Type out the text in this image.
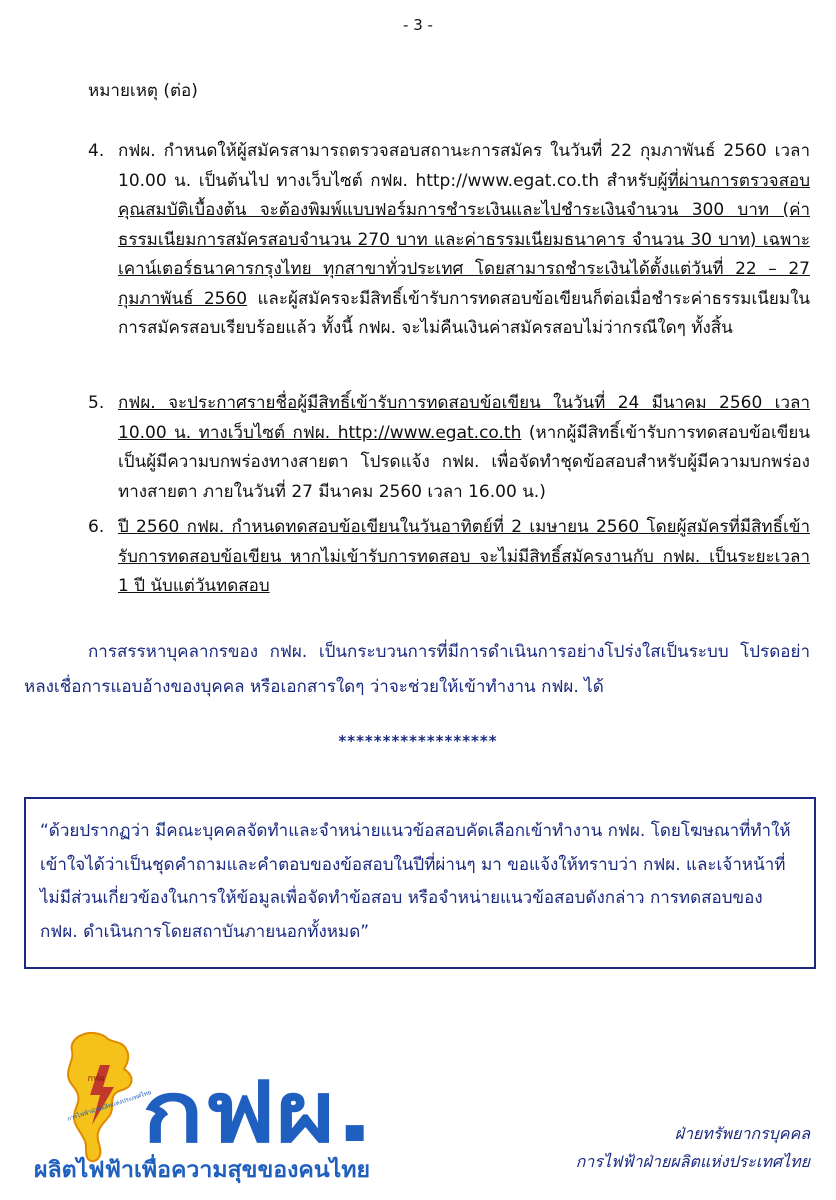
- 3 -
หมายเหตุ (ต่อ)
4. กฟผ. กำหนดให้ผู้สมัครสามารถตรวจสอบสถานะการสมัคร ในวันที่ 22 กุมภาพันธ์ 2560 เวลา 10.00 น. เป็นต้นไป ทางเว็บไซต์ กฟผ. http://www.egat.co.th สำหรับผู้ที่ผ่านการตรวจสอบคุณสมบัติเบื้องต้น จะต้องพิมพ์แบบฟอร์มการชำระเงินและไปชำระเงินจำนวน 300 บาท (ค่าธรรมเนียมการสมัครสอบจำนวน 270 บาท และค่าธรรมเนียมธนาคาร จำนวน 30 บาท) เฉพาะเคาน์เตอร์ธนาคารกรุงไทย ทุกสาขาทั่วประเทศ โดยสามารถชำระเงินได้ตั้งแต่วันที่ 22 – 27 กุมภาพันธ์ 2560 และผู้สมัครจะมีสิทธิ์เข้ารับการทดสอบข้อเขียนก็ต่อเมื่อชำระค่าธรรมเนียมในการสมัครสอบเรียบร้อยแล้ว ทั้งนี้ กฟผ. จะไม่คืนเงินค่าสมัครสอบไม่ว่ากรณีใดๆ ทั้งสิ้น
5. กฟผ. จะประกาศรายชื่อผู้มีสิทธิ์เข้ารับการทดสอบข้อเขียน ในวันที่ 24 มีนาคม 2560 เวลา 10.00 น. ทางเว็บไซต์ กฟผ. http://www.egat.co.th (หากผู้มีสิทธิ์เข้ารับการทดสอบข้อเขียนเป็นผู้มีความบกพร่องทางสายตา โปรดแจ้ง กฟผ. เพื่อจัดทำชุดข้อสอบสำหรับผู้มีความบกพร่องทางสายตา ภายในวันที่ 27 มีนาคม 2560 เวลา 16.00 น.)
6. ปี 2560 กฟผ. กำหนดทดสอบข้อเขียนในวันอาทิตย์ที่ 2 เมษายน 2560 โดยผู้สมัครที่มีสิทธิ์เข้ารับการทดสอบข้อเขียน หากไม่เข้ารับการทดสอบ จะไม่มีสิทธิ์สมัครงานกับ กฟผ. เป็นระยะเวลา 1 ปี นับแต่วันทดสอบ
การสรรหาบุคลากรของ กฟผ. เป็นกระบวนการที่มีการดำเนินการอย่างโปร่งใสเป็นระบบ โปรดอย่าหลงเชื่อการแอบอ้างของบุคคล หรือเอกสารใดๆ ว่าจะช่วยให้เข้าทำงาน กฟผ. ได้
******************
“ด้วยปรากฏว่า มีคณะบุคคลจัดทำและจำหน่ายแนวข้อสอบคัดเลือกเข้าทำงาน กฟผ. โดยโฆษณาที่ทำให้เข้าใจได้ว่าเป็นชุดคำถามและคำตอบของข้อสอบในปีที่ผ่านๆ มา ขอแจ้งให้ทราบว่า กฟผ. และเจ้าหน้าที่ไม่มีส่วนเกี่ยวข้องในการให้ข้อมูลเพื่อจัดทำข้อสอบ หรือจำหน่ายแนวข้อสอบดังกล่าว การทดสอบของ กฟผ. ดำเนินการโดยสถาบันภายนอกทั้งหมด”
กฟผ
การไฟฟ้าฝ่ายผลิตแห่งประเทศไทย
กฟผ.
ผลิตไฟฟ้าเพื่อความสุขของคนไทย
ฝ่ายทรัพยากรบุคคล
การไฟฟ้าฝ่ายผลิตแห่งประเทศไทย
